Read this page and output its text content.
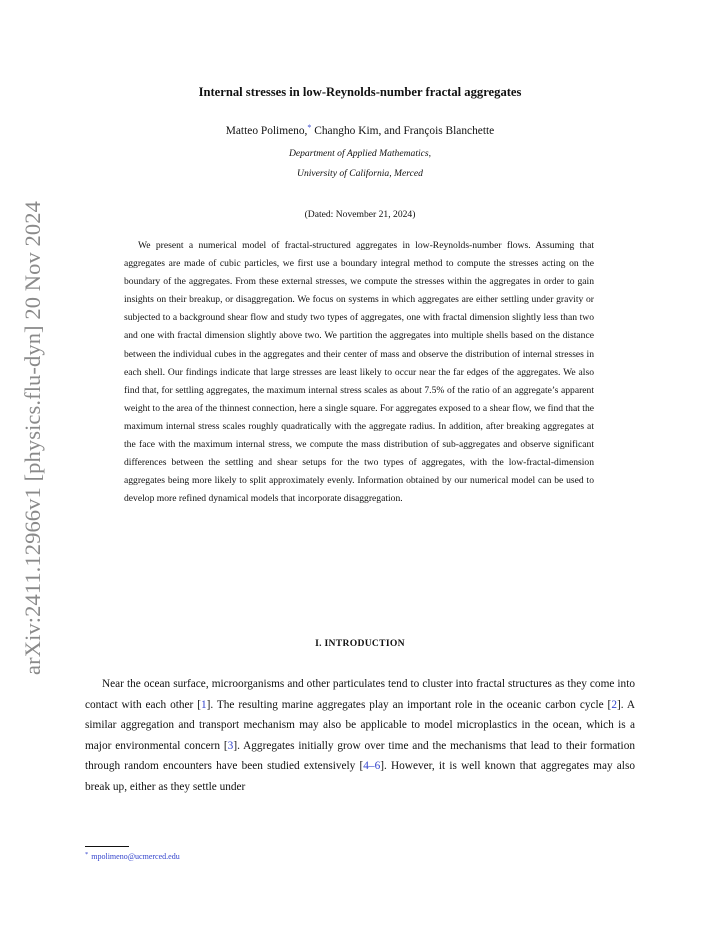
arXiv:2411.12966v1 [physics.flu-dyn] 20 Nov 2024
Internal stresses in low-Reynolds-number fractal aggregates
Matteo Polimeno,* Changho Kim, and François Blanchette
Department of Applied Mathematics,
University of California, Merced
(Dated: November 21, 2024)

We present a numerical model of fractal-structured aggregates in low-Reynolds-number flows. Assuming that aggregates are made of cubic particles, we first use a boundary integral method to compute the stresses acting on the boundary of the aggregates. From these external stresses, we compute the stresses within the aggregates in order to gain insights on their breakup, or disaggregation. We focus on systems in which aggregates are either settling under gravity or subjected to a background shear flow and study two types of aggregates, one with fractal dimension slightly less than two and one with fractal dimension slightly above two. We partition the aggregates into multiple shells based on the distance between the individual cubes in the aggregates and their center of mass and observe the distribution of internal stresses in each shell. Our findings indicate that large stresses are least likely to occur near the far edges of the aggregates. We also find that, for settling aggregates, the maximum internal stress scales as about 7.5% of the ratio of an aggregate’s apparent weight to the area of the thinnest connection, here a single square. For aggregates exposed to a shear flow, we find that the maximum internal stress scales roughly quadratically with the aggregate radius. In addition, after breaking aggregates at the face with the maximum internal stress, we compute the mass distribution of sub-aggregates and observe significant differences between the settling and shear setups for the two types of aggregates, with the low-fractal-dimension aggregates being more likely to split approximately evenly. Information obtained by our numerical model can be used to develop more refined dynamical models that incorporate disaggregation.

I. INTRODUCTION

Near the ocean surface, microorganisms and other particulates tend to cluster into fractal structures as they come into contact with each other [1]. The resulting marine aggregates play an important role in the oceanic carbon cycle [2]. A similar aggregation and transport mechanism may also be applicable to model microplastics in the ocean, which is a major environmental concern [3]. Aggregates initially grow over time and the mechanisms that lead to their formation through random encounters have been studied extensively [4–6]. However, it is well known that aggregates may also break up, either as they settle under

* mpolimeno@ucmerced.edu
